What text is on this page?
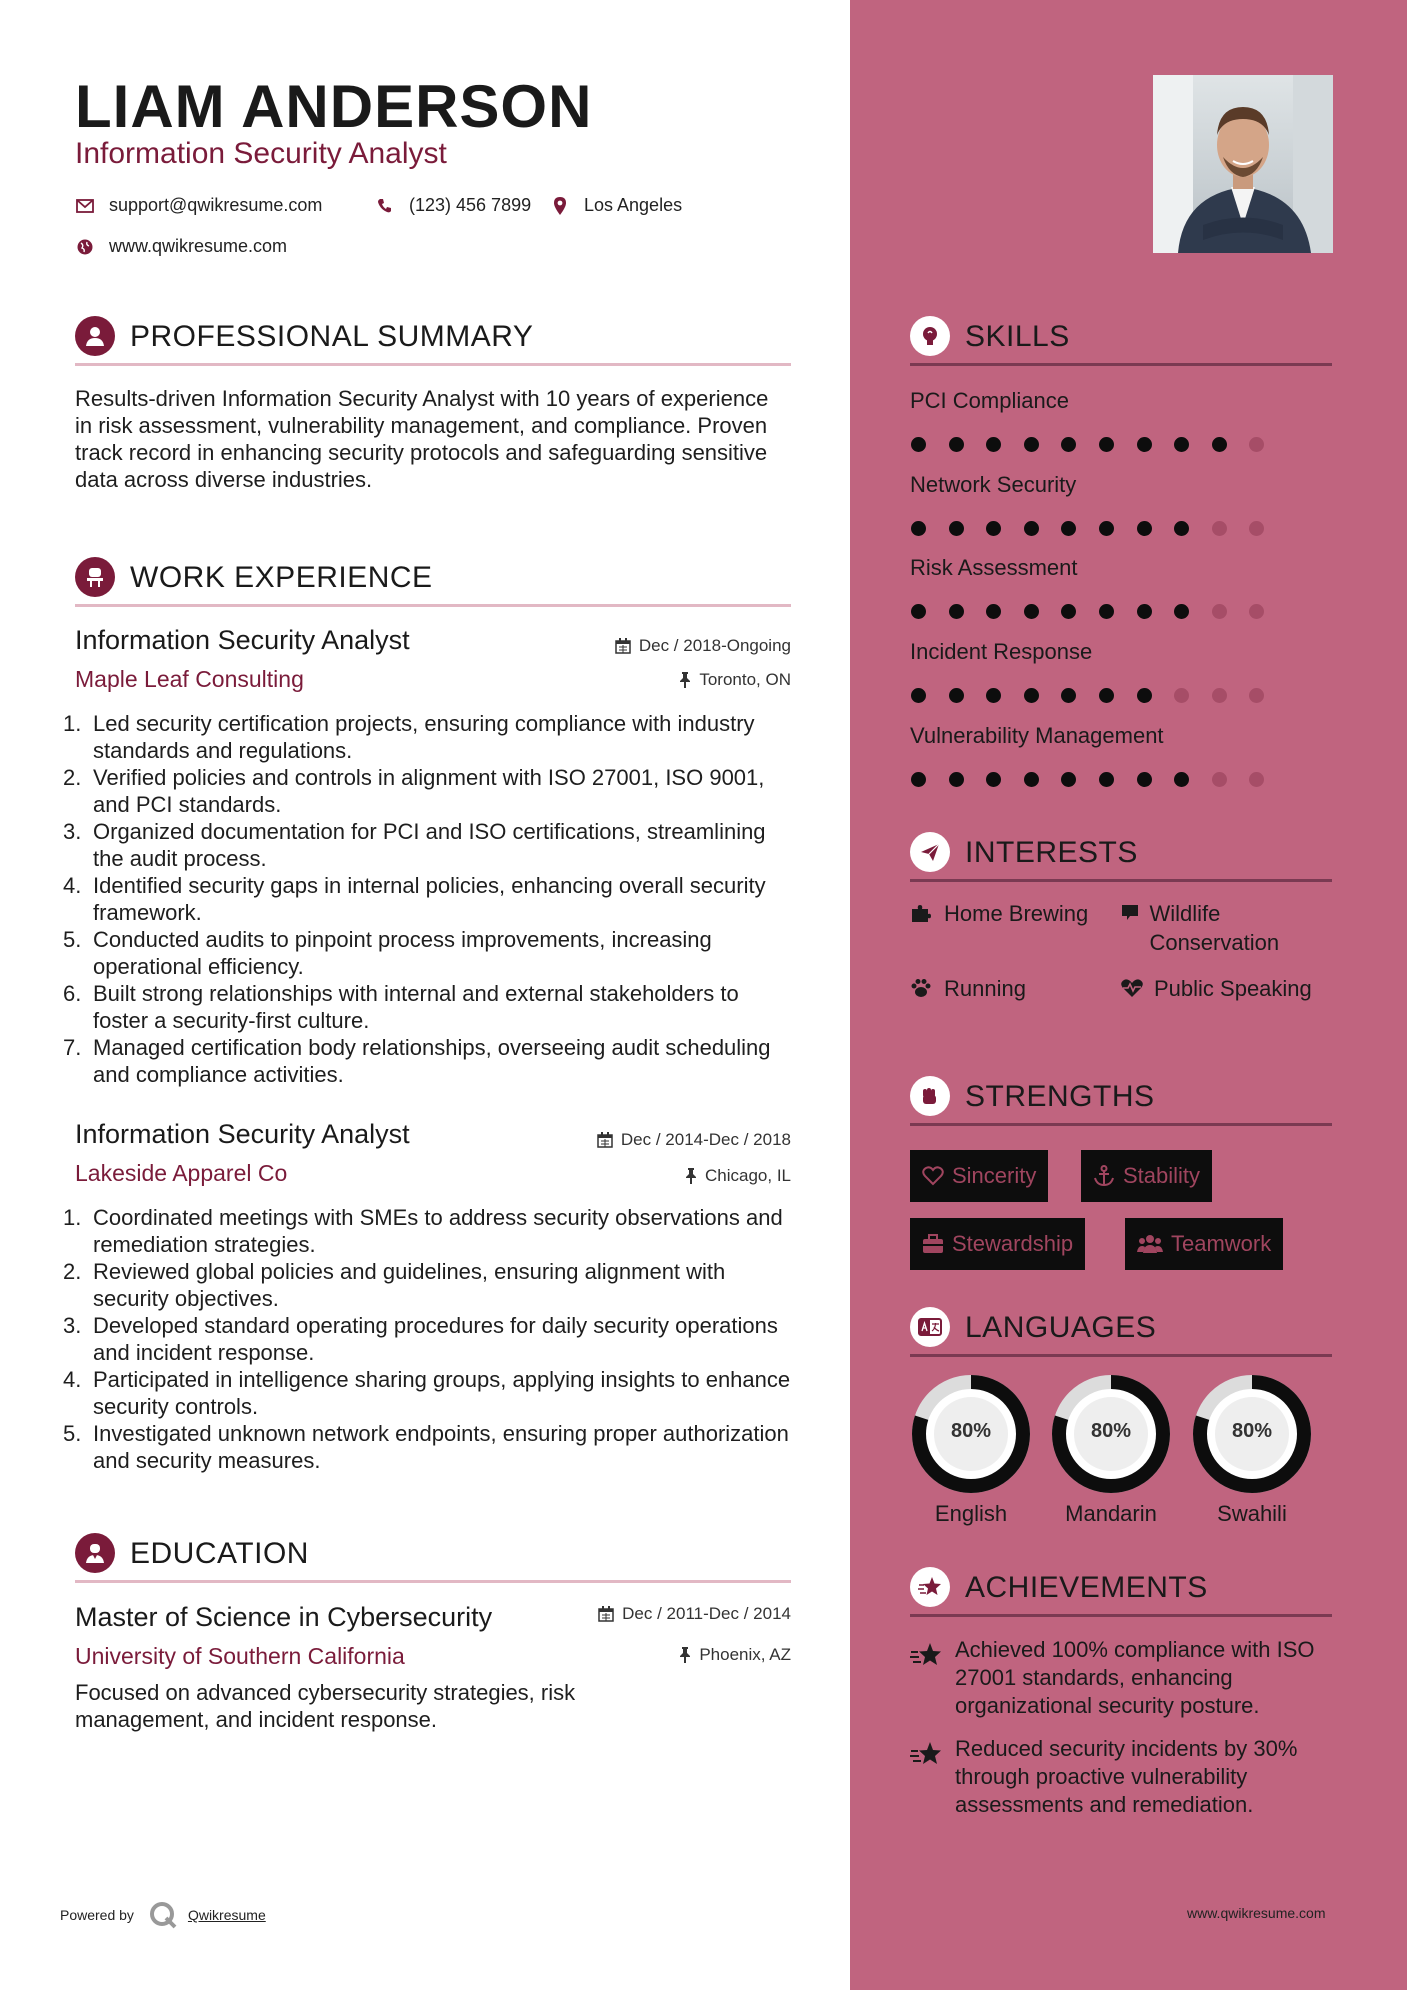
LIAM ANDERSON
Information Security Analyst
support@qwikresume.com	(123) 456 7899	Los Angeles
www.qwikresume.com
PROFESSIONAL SUMMARY
Results-driven Information Security Analyst with 10 years of experience in risk assessment, vulnerability management, and compliance. Proven track record in enhancing security protocols and safeguarding sensitive data across diverse industries.
WORK EXPERIENCE
Information Security Analyst	Dec / 2018-Ongoing
Maple Leaf Consulting	Toronto, ON
1. Led security certification projects, ensuring compliance with industry standards and regulations.
2. Verified policies and controls in alignment with ISO 27001, ISO 9001, and PCI standards.
3. Organized documentation for PCI and ISO certifications, streamlining the audit process.
4. Identified security gaps in internal policies, enhancing overall security framework.
5. Conducted audits to pinpoint process improvements, increasing operational efficiency.
6. Built strong relationships with internal and external stakeholders to foster a security-first culture.
7. Managed certification body relationships, overseeing audit scheduling and compliance activities.
Information Security Analyst	Dec / 2014-Dec / 2018
Lakeside Apparel Co	Chicago, IL
1. Coordinated meetings with SMEs to address security observations and remediation strategies.
2. Reviewed global policies and guidelines, ensuring alignment with security objectives.
3. Developed standard operating procedures for daily security operations and incident response.
4. Participated in intelligence sharing groups, applying insights to enhance security controls.
5. Investigated unknown network endpoints, ensuring proper authorization and security measures.
EDUCATION
Master of Science in Cybersecurity	Dec / 2011-Dec / 2014
University of Southern California	Phoenix, AZ
Focused on advanced cybersecurity strategies, risk management, and incident response.
SKILLS
PCI Compliance
Network Security
Risk Assessment
Incident Response
Vulnerability Management
INTERESTS
Home Brewing	Wildlife Conservation
Running	Public Speaking
STRENGTHS
Sincerity	Stability
Stewardship	Teamwork
LANGUAGES
80%
English
80%
Mandarin
80%
Swahili
ACHIEVEMENTS
Achieved 100% compliance with ISO 27001 standards, enhancing organizational security posture.
Reduced security incidents by 30% through proactive vulnerability assessments and remediation.
Powered by	Qwikresume	www.qwikresume.com
